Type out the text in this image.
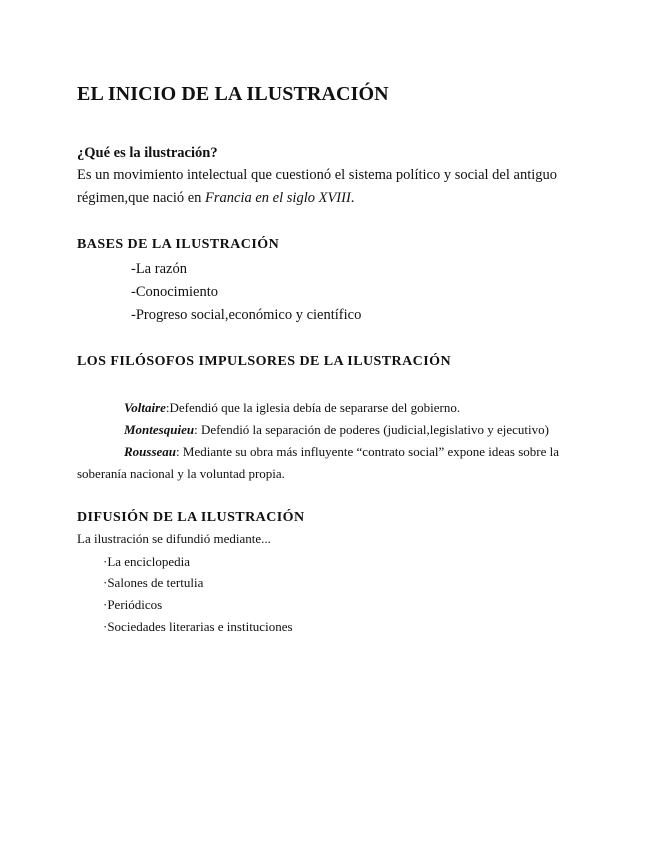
EL INICIO DE LA ILUSTRACIÓN
¿Qué es la ilustración?
Es un movimiento intelectual que cuestionó el sistema político y social del antiguo
régimen,que nació en Francia en el siglo XVIII.
BASES DE LA ILUSTRACIÓN
-La razón
-Conocimiento
-Progreso social,económico y científico
LOS FILÓSOFOS IMPULSORES DE LA ILUSTRACIÓN
Voltaire:Defendió que la iglesia debía de separarse del gobierno.
Montesquieu: Defendió la separación de poderes (judicial,legislativo y ejecutivo)
Rousseau: Mediante su obra más influyente “contrato social” expone ideas sobre la
soberanía nacional y la voluntad propia.
DIFUSIÓN DE LA ILUSTRACIÓN
La ilustración se difundió mediante...
·La enciclopedia
·Salones de tertulia
·Periódicos
·Sociedades literarias e instituciones
